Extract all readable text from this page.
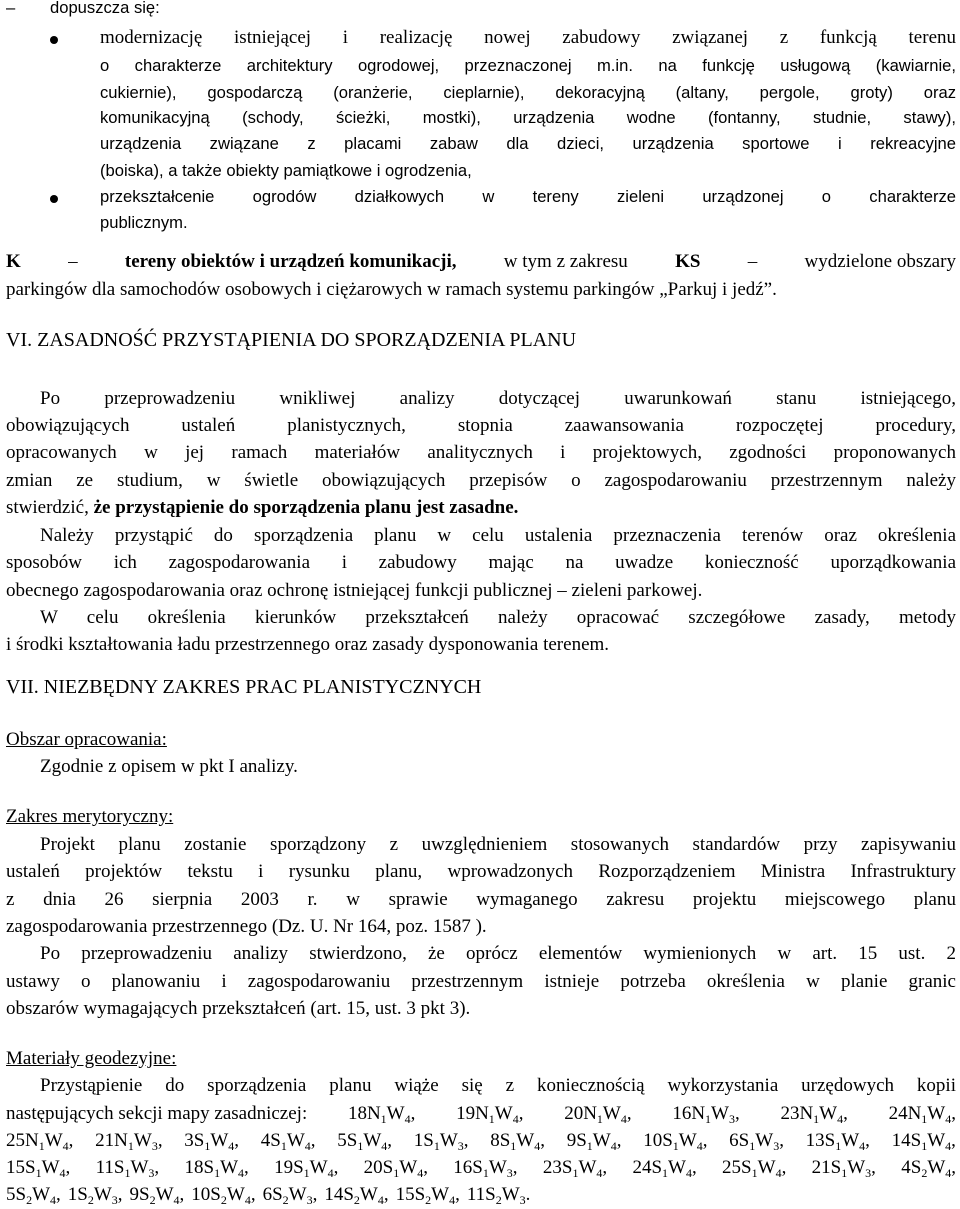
– dopuszcza się:
modernizację istniejącej i realizację nowej zabudowy związanej z funkcją terenu
o charakterze architektury ogrodowej, przeznaczonej m.in. na funkcję usługową (kawiarnie,
cukiernie), gospodarczą (oranżerie, cieplarnie), dekoracyjną (altany, pergole, groty) oraz
komunikacyjną (schody, ścieżki, mostki), urządzenia wodne (fontanny, studnie, stawy),
urządzenia związane z placami zabaw dla dzieci, urządzenia sportowe i rekreacyjne
(boiska), a także obiekty pamiątkowe i ogrodzenia,
przekształcenie ogrodów działkowych w tereny zieleni urządzonej o charakterze
publicznym.
K – tereny obiektów i urządzeń komunikacji, w tym z zakresu KS – wydzielone obszary
parkingów dla samochodów osobowych i ciężarowych w ramach systemu parkingów „Parkuj i jedź”.
VI. ZASADNOŚĆ PRZYSTĄPIENIA DO SPORZĄDZENIA PLANU
Po przeprowadzeniu wnikliwej analizy dotyczącej uwarunkowań stanu istniejącego,
obowiązujących ustaleń planistycznych, stopnia zaawansowania rozpoczętej procedury,
opracowanych w jej ramach materiałów analitycznych i projektowych, zgodności proponowanych
zmian ze studium, w świetle obowiązujących przepisów o zagospodarowaniu przestrzennym należy
stwierdzić, że przystąpienie do sporządzenia planu jest zasadne.
Należy przystąpić do sporządzenia planu w celu ustalenia przeznaczenia terenów oraz określenia
sposobów ich zagospodarowania i zabudowy mając na uwadze konieczność uporządkowania
obecnego zagospodarowania oraz ochronę istniejącej funkcji publicznej – zieleni parkowej.
W celu określenia kierunków przekształceń należy opracować szczegółowe zasady, metody
i środki kształtowania ładu przestrzennego oraz zasady dysponowania terenem.
VII. NIEZBĘDNY ZAKRES PRAC PLANISTYCZNYCH
Obszar opracowania:
Zgodnie z opisem w pkt I analizy.
Zakres merytoryczny:
Projekt planu zostanie sporządzony z uwzględnieniem stosowanych standardów przy zapisywaniu
ustaleń projektów tekstu i rysunku planu, wprowadzonych Rozporządzeniem Ministra Infrastruktury
z dnia 26 sierpnia 2003 r. w sprawie wymaganego zakresu projektu miejscowego planu
zagospodarowania przestrzennego (Dz. U. Nr 164, poz. 1587 ).
Po przeprowadzeniu analizy stwierdzono, że oprócz elementów wymienionych w art. 15 ust. 2
ustawy o planowaniu i zagospodarowaniu przestrzennym istnieje potrzeba określenia w planie granic
obszarów wymagających przekształceń (art. 15, ust. 3 pkt 3).
Materiały geodezyjne:
Przystąpienie do sporządzenia planu wiąże się z koniecznością wykorzystania urzędowych kopii
następujących sekcji mapy zasadniczej: $18N_1W_4$, $19N_1W_4$, $20N_1W_4$, $16N_1W_3$, $23N_1W_4$, $24N_1W_4$,
$25N_1W_4$, $21N_1W_3$, $3S_1W_4$, $4S_1W_4$, $5S_1W_4$, $1S_1W_3$, $8S_1W_4$, $9S_1W_4$, $10S_1W_4$, $6S_1W_3$, $13S_1W_4$, $14S_1W_4$,
$15S_1W_4$, $11S_1W_3$, $18S_1W_4$, $19S_1W_4$, $20S_1W_4$, $16S_1W_3$, $23S_1W_4$, $24S_1W_4$, $25S_1W_4$, $21S_1W_3$, $4S_2W_4$,
$5S_2W_4$, $1S_2W_3$, $9S_2W_4$, $10S_2W_4$, $6S_2W_3$, $14S_2W_4$, $15S_2W_4$, $11S_2W_3$.
